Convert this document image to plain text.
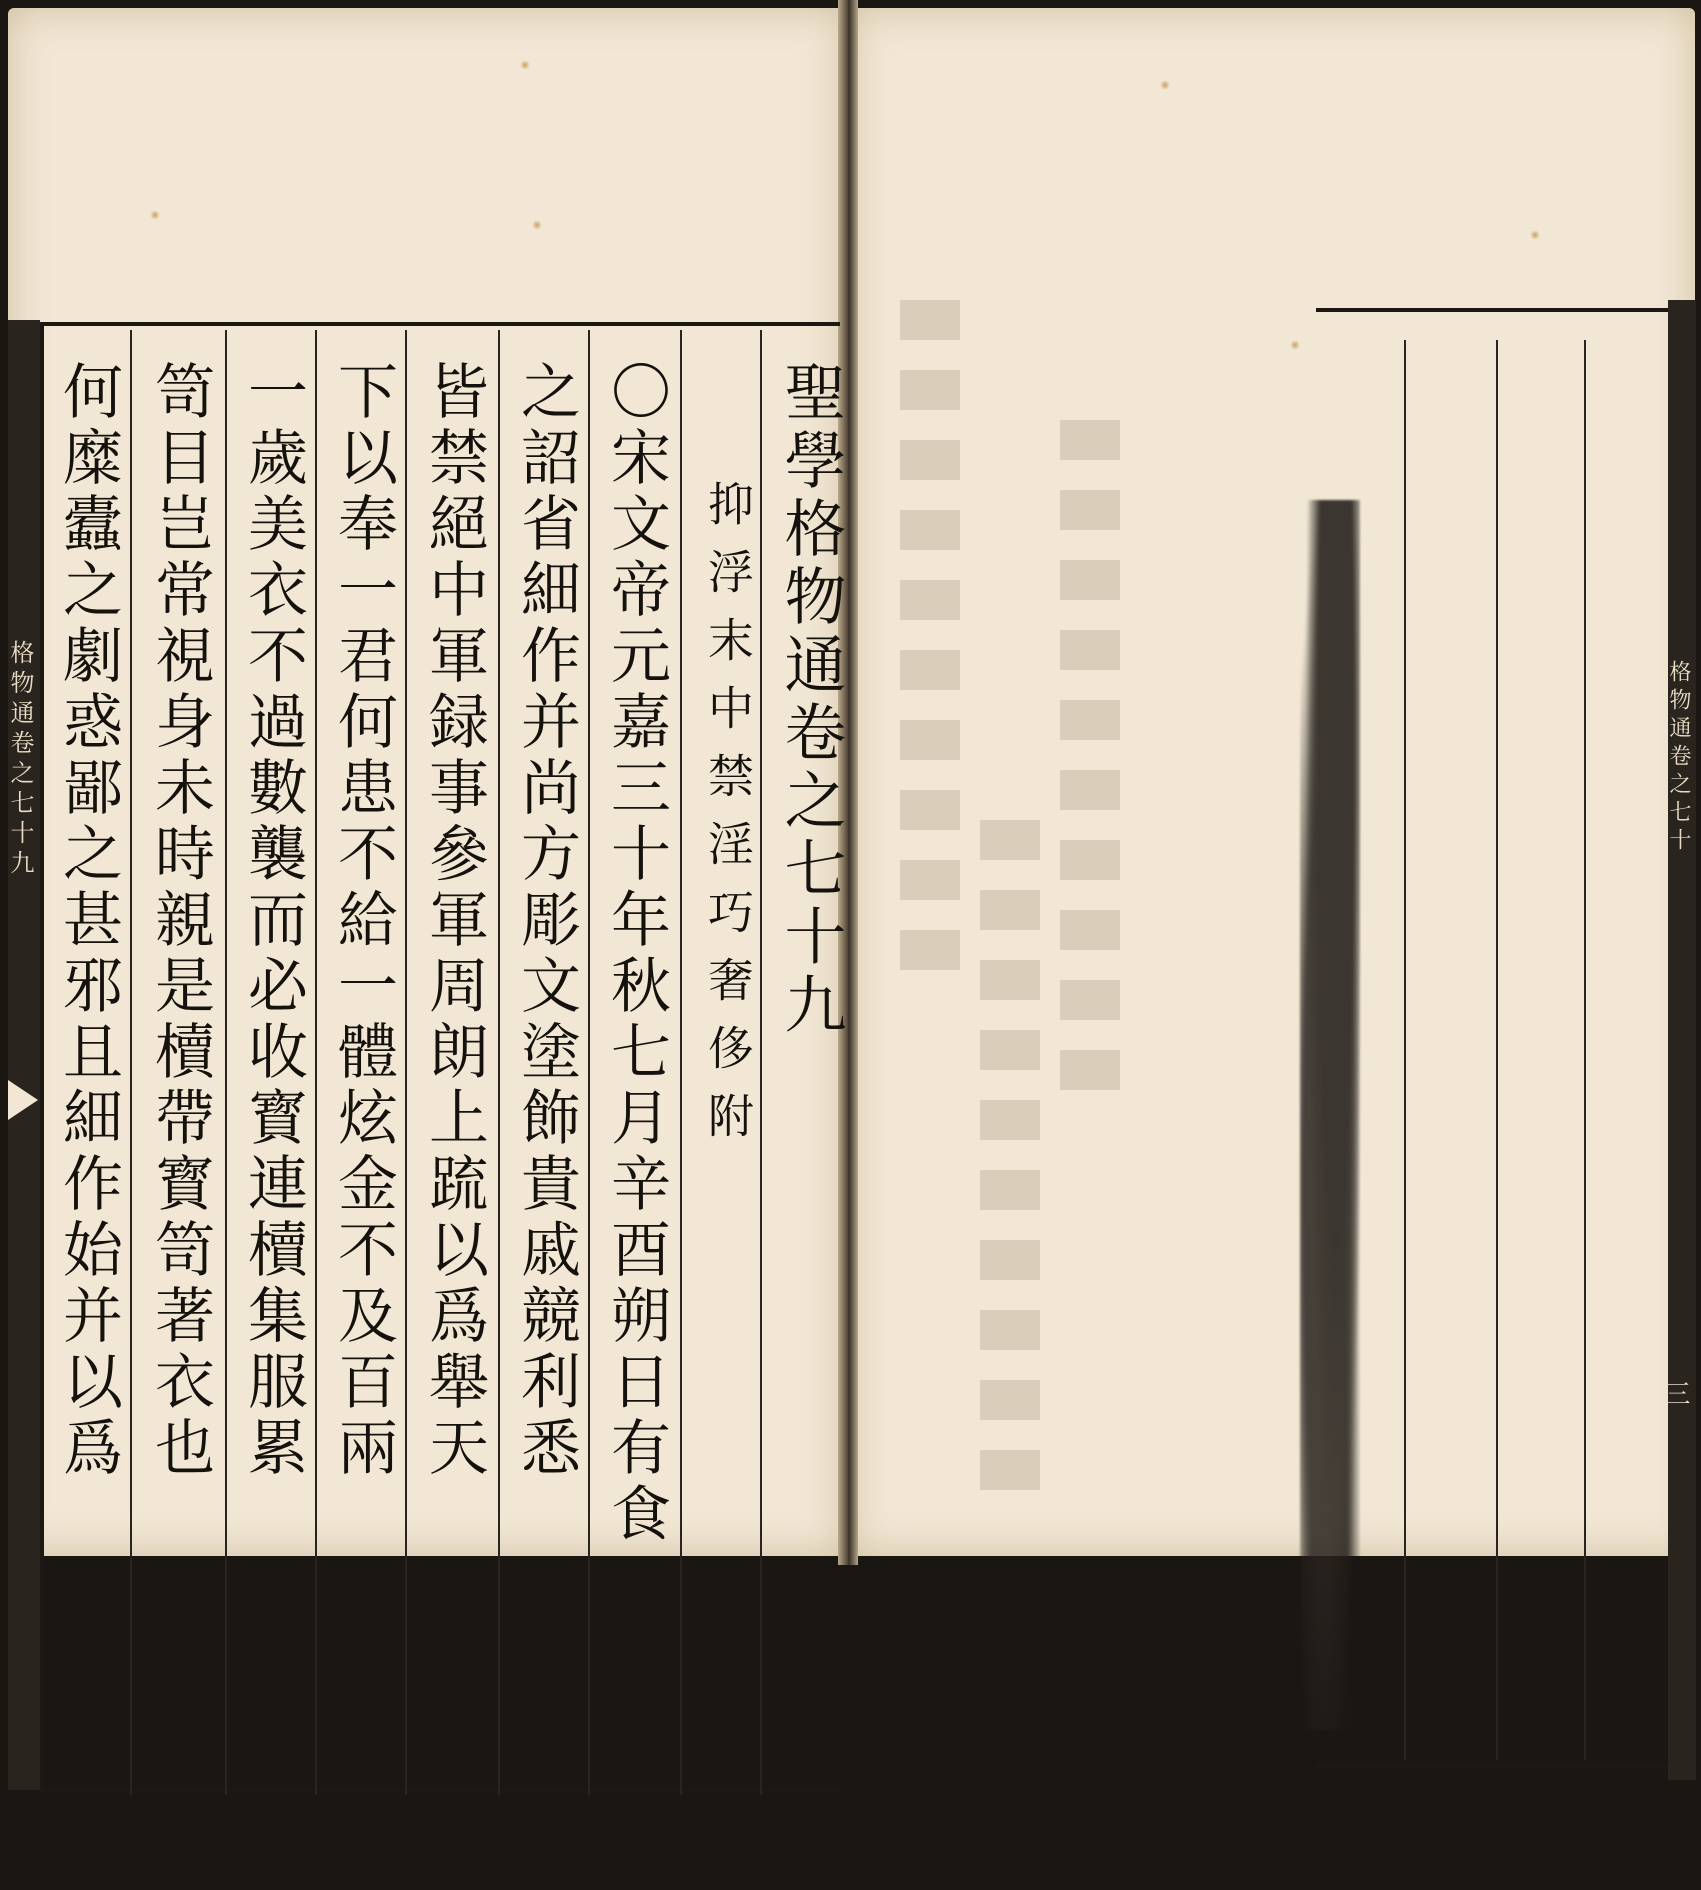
格物通卷之七十九	聖學格物通卷之七十九
抑浮末中禁淫巧奢侈附
〇宋文帝元嘉三十年秋七月辛酉朔日有食
之詔省細作并尚方彫文塗飾貴戚競利悉
皆禁絕中軍録事參軍周朗上䟽以爲舉天
下以奉一君何患不給一體炫金不及百兩
一歲美衣不過數襲而必收寳連櫝集服累
笥目岂常視身未時親是櫝帶寳笥著衣也
何糜蠹之劇惑鄙之甚邪且細作始并以爲	格物通卷之七十
三
